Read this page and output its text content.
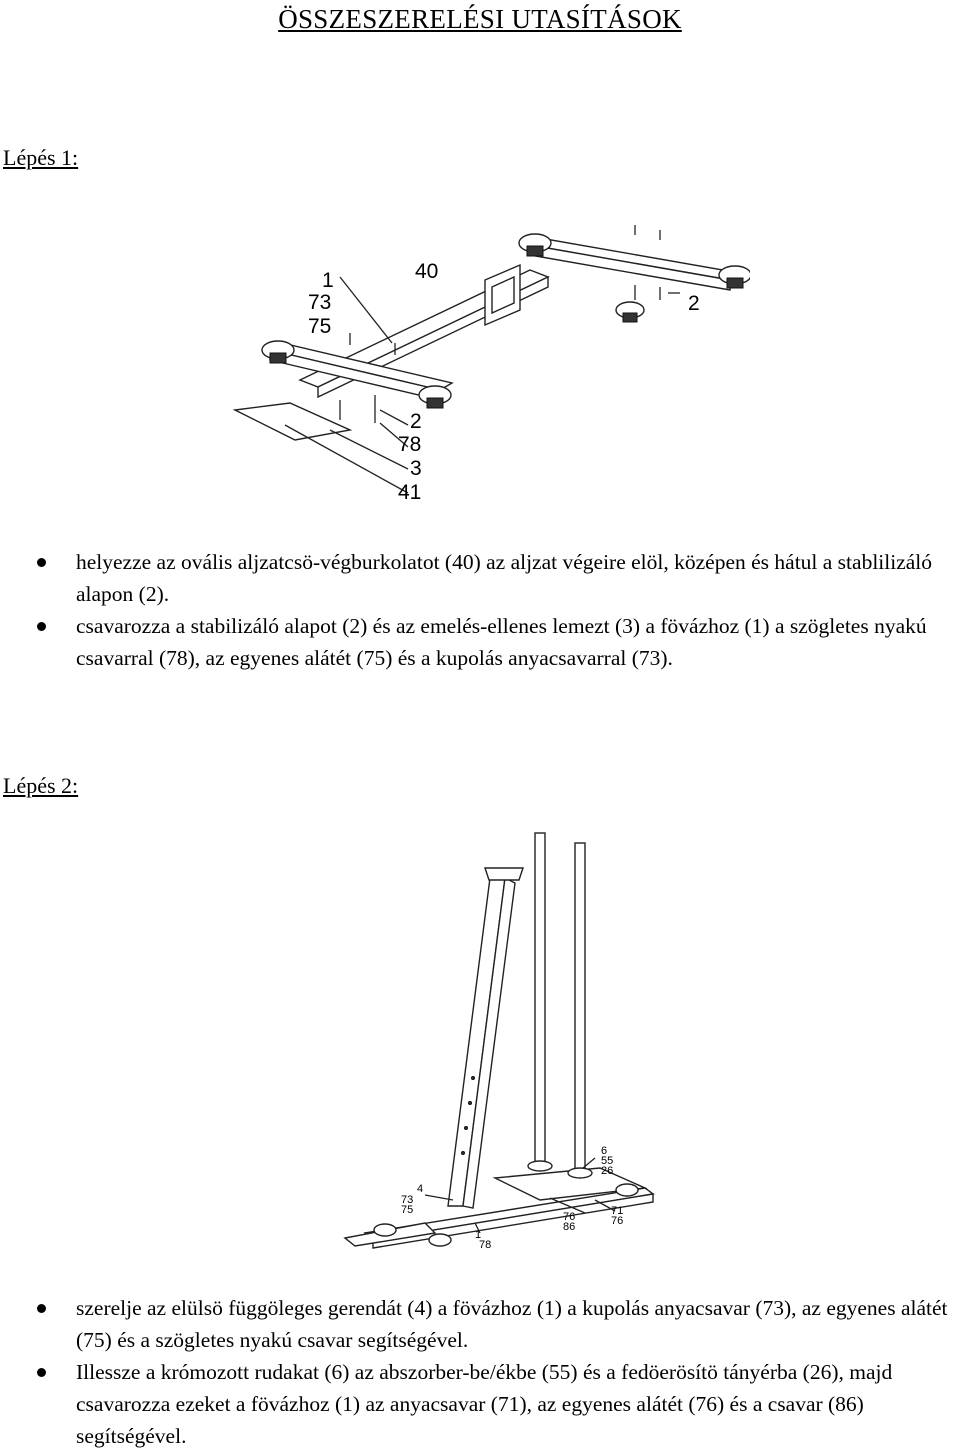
ÖSSZESZERELÉSI UTASÍTÁSOK
Lépés 1:
1
73
75
40
2
2
78
3
41
helyezze az ovális aljzatcsö-végburkolatot (40) az aljzat végeire elöl, középen és hátul a stablilizáló alapon (2).
csavarozza a stabilizáló alapot (2) és az emelés-ellenes lemezt (3) a fövázhoz (1) a szögletes nyakú csavarral (78), az egyenes alátét (75) és a kupolás anyacsavarral (73).
Lépés 2:
6
55
26
4
73
75
76
86
71
76
1
78
szerelje az elülsö függöleges gerendát (4) a fövázhoz (1) a kupolás anyacsavar (73), az egyenes alátét (75) és a szögletes nyakú csavar segítségével.
Illessze a krómozott rudakat (6) az abszorber-be/ékbe (55) és a fedöerösítö tányérba (26), majd csavarozza ezeket a fövázhoz (1) az anyacsavar (71), az egyenes alátét (76) és a csavar (86) segítségével.
